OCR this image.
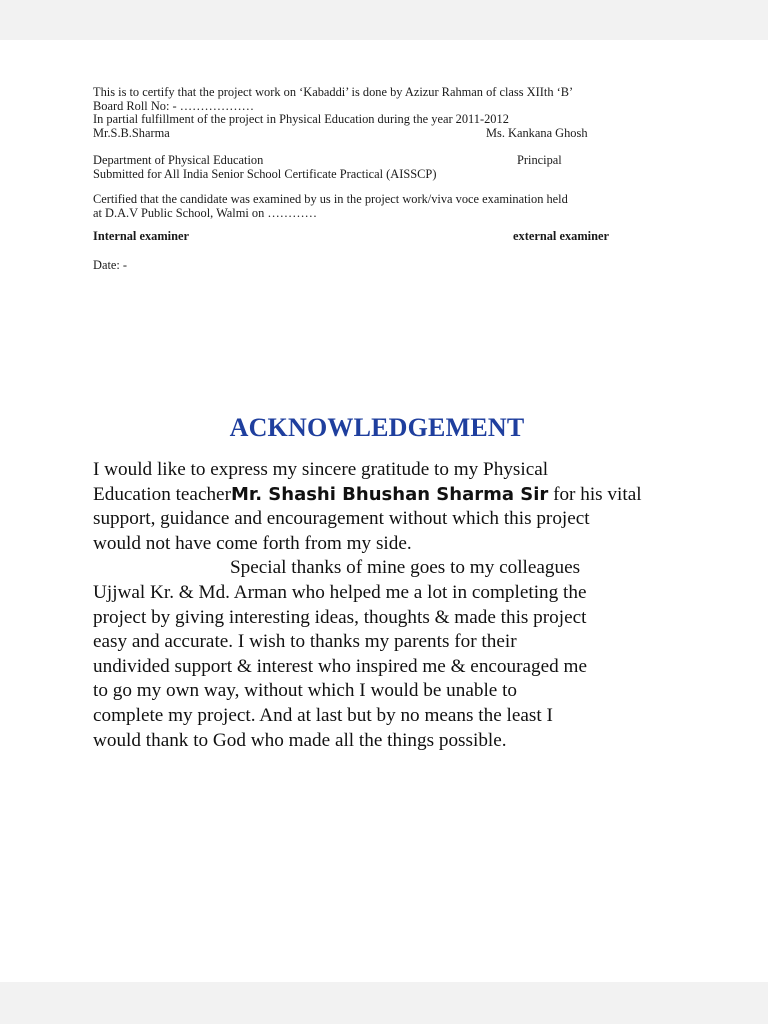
This is to certify that the project work on ‘Kabaddi’ is done by Azizur Rahman of class XIIth ‘B’
Board Roll No: - ………………
In partial fulfillment of the project in Physical Education during the year 2011-2012
Mr.S.B.Sharma	Ms. Kankana Ghosh
Department of Physical Education	Principal
Submitted for All India Senior School Certificate Practical (AISSCP)
Certified that the candidate was examined by us in the project work/viva voce examination held
at D.A.V Public School, Walmi on …………
Internal examiner	external examiner
Date: -
ACKNOWLEDGEMENT
I would like to express my sincere gratitude to my Physical
Education teacherMr. Shashi Bhushan Sharma Sir for his vital
support, guidance and encouragement without which this project
would not have come forth from my side.
Special thanks of mine goes to my colleagues
Ujjwal Kr. & Md. Arman who helped me a lot in completing the
project by giving interesting ideas, thoughts & made this project
easy and accurate. I wish to thanks my parents for their
undivided support & interest who inspired me & encouraged me
to go my own way, without which I would be unable to
complete my project. And at last but by no means the least I
would thank to God who made all the things possible.
